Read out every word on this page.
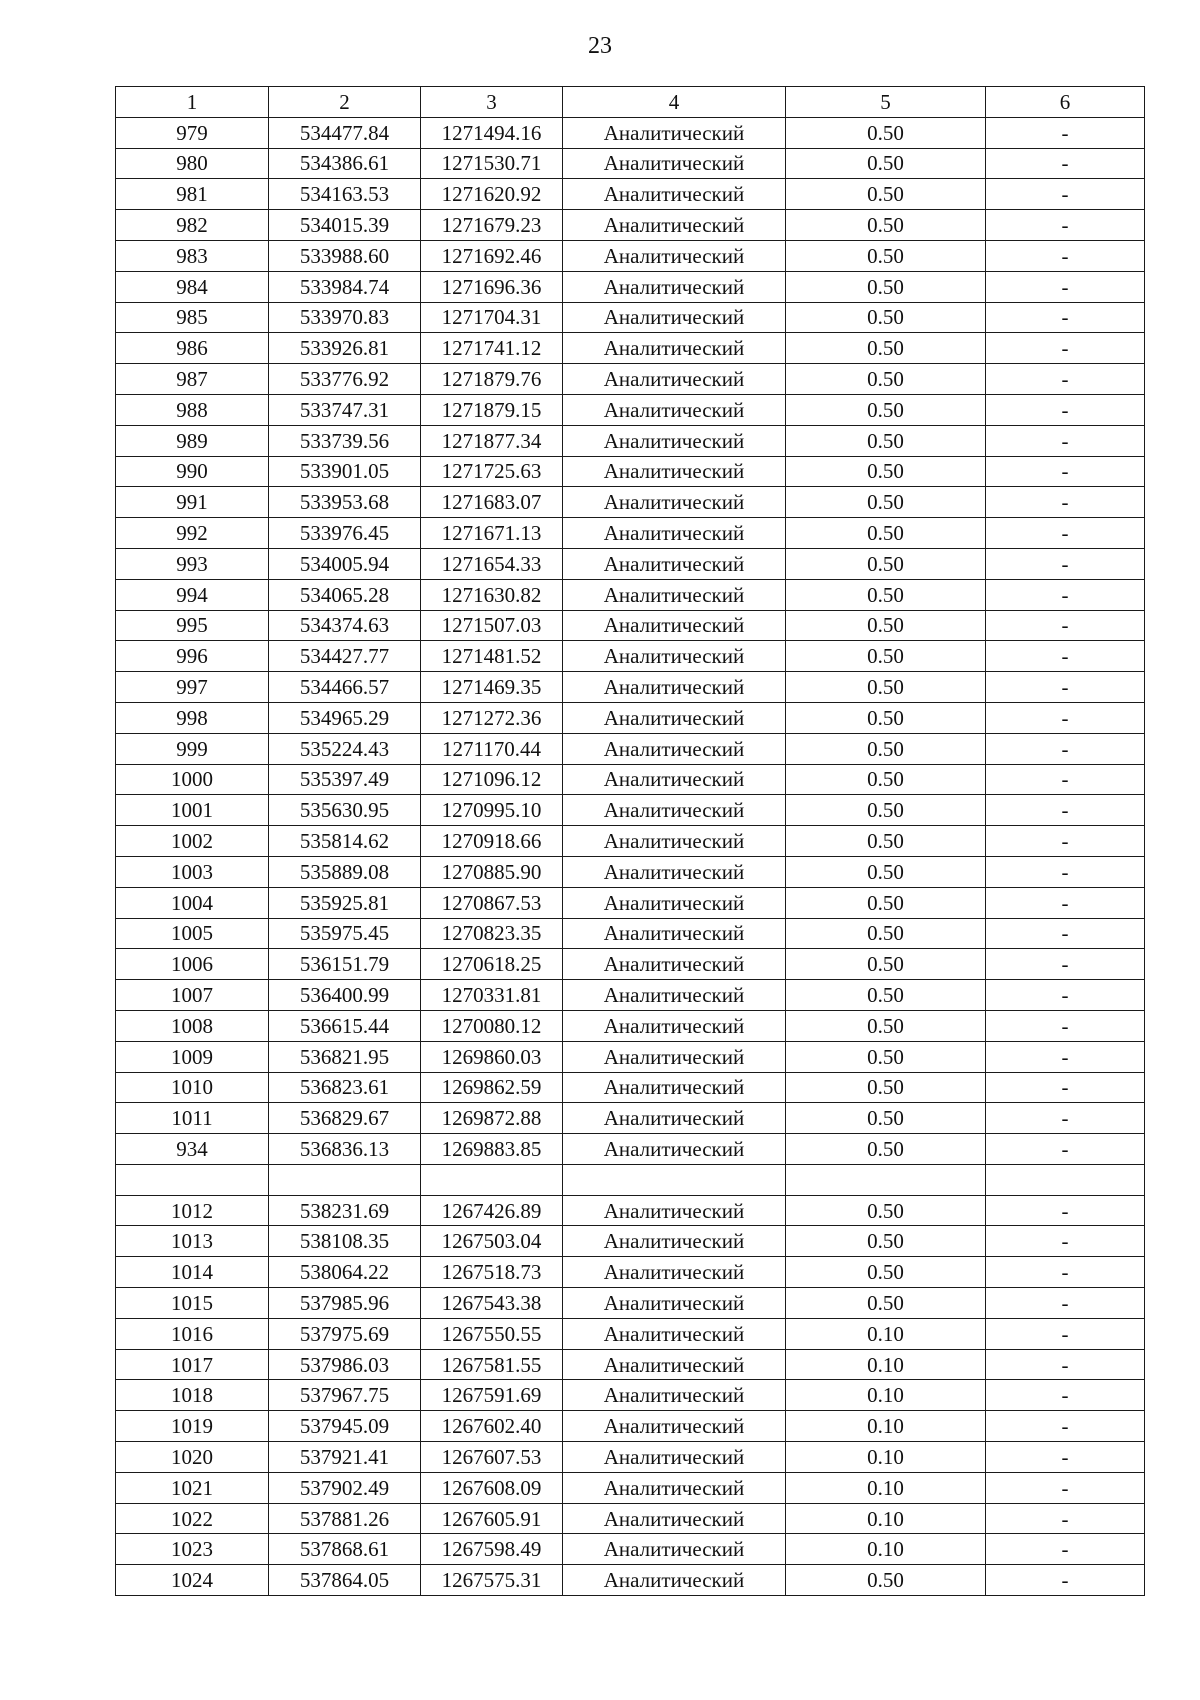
23
1	2	3	4	5	6
979	534477.84	1271494.16	Аналитический	0.50	-
980	534386.61	1271530.71	Аналитический	0.50	-
981	534163.53	1271620.92	Аналитический	0.50	-
982	534015.39	1271679.23	Аналитический	0.50	-
983	533988.60	1271692.46	Аналитический	0.50	-
984	533984.74	1271696.36	Аналитический	0.50	-
985	533970.83	1271704.31	Аналитический	0.50	-
986	533926.81	1271741.12	Аналитический	0.50	-
987	533776.92	1271879.76	Аналитический	0.50	-
988	533747.31	1271879.15	Аналитический	0.50	-
989	533739.56	1271877.34	Аналитический	0.50	-
990	533901.05	1271725.63	Аналитический	0.50	-
991	533953.68	1271683.07	Аналитический	0.50	-
992	533976.45	1271671.13	Аналитический	0.50	-
993	534005.94	1271654.33	Аналитический	0.50	-
994	534065.28	1271630.82	Аналитический	0.50	-
995	534374.63	1271507.03	Аналитический	0.50	-
996	534427.77	1271481.52	Аналитический	0.50	-
997	534466.57	1271469.35	Аналитический	0.50	-
998	534965.29	1271272.36	Аналитический	0.50	-
999	535224.43	1271170.44	Аналитический	0.50	-
1000	535397.49	1271096.12	Аналитический	0.50	-
1001	535630.95	1270995.10	Аналитический	0.50	-
1002	535814.62	1270918.66	Аналитический	0.50	-
1003	535889.08	1270885.90	Аналитический	0.50	-
1004	535925.81	1270867.53	Аналитический	0.50	-
1005	535975.45	1270823.35	Аналитический	0.50	-
1006	536151.79	1270618.25	Аналитический	0.50	-
1007	536400.99	1270331.81	Аналитический	0.50	-
1008	536615.44	1270080.12	Аналитический	0.50	-
1009	536821.95	1269860.03	Аналитический	0.50	-
1010	536823.61	1269862.59	Аналитический	0.50	-
1011	536829.67	1269872.88	Аналитический	0.50	-
934	536836.13	1269883.85	Аналитический	0.50	-

1012	538231.69	1267426.89	Аналитический	0.50	-
1013	538108.35	1267503.04	Аналитический	0.50	-
1014	538064.22	1267518.73	Аналитический	0.50	-
1015	537985.96	1267543.38	Аналитический	0.50	-
1016	537975.69	1267550.55	Аналитический	0.10	-
1017	537986.03	1267581.55	Аналитический	0.10	-
1018	537967.75	1267591.69	Аналитический	0.10	-
1019	537945.09	1267602.40	Аналитический	0.10	-
1020	537921.41	1267607.53	Аналитический	0.10	-
1021	537902.49	1267608.09	Аналитический	0.10	-
1022	537881.26	1267605.91	Аналитический	0.10	-
1023	537868.61	1267598.49	Аналитический	0.10	-
1024	537864.05	1267575.31	Аналитический	0.50	-
